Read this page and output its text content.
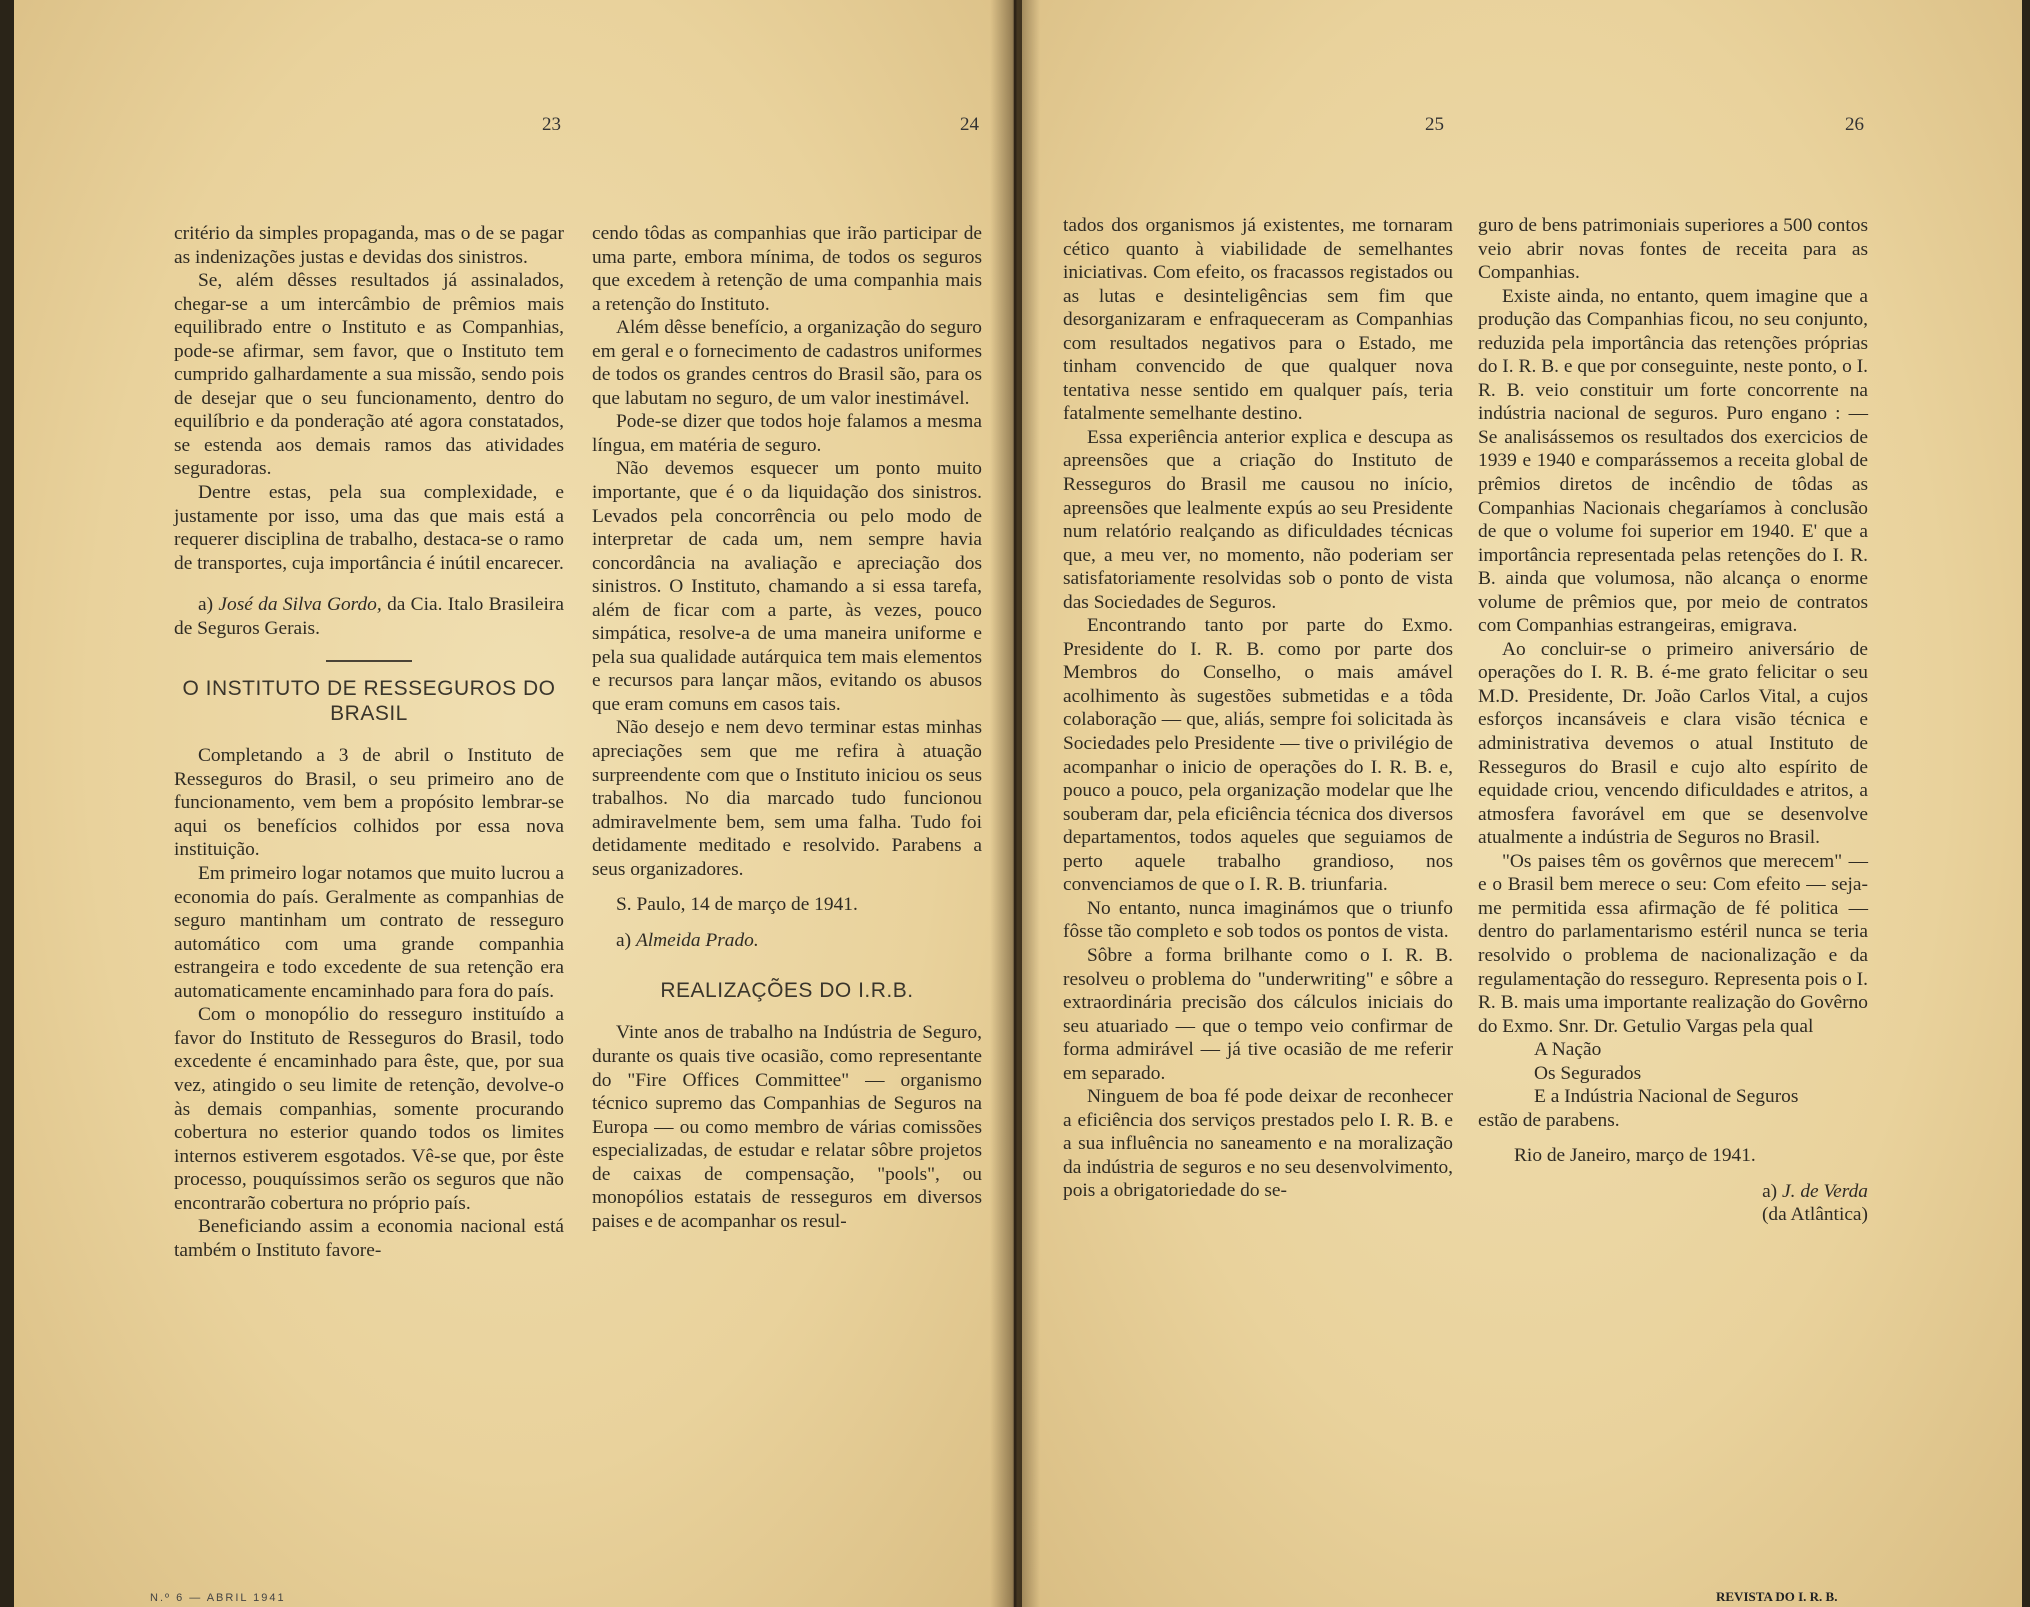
23	24	25	26

critério da simples propaganda, mas o de se pagar as indenizações justas e devidas dos sinistros.

Se, além dêsses resultados já assinalados, chegar-se a um intercâmbio de prêmios mais equilibrado entre o Instituto e as Companhias, pode-se afirmar, sem favor, que o Instituto tem cumprido galhardamente a sua missão, sendo pois de desejar que o seu funcionamento, dentro do equilíbrio e da ponderação até agora constatados, se estenda aos demais ramos das atividades seguradoras.

Dentre estas, pela sua complexidade, e justamente por isso, uma das que mais está a requerer disciplina de trabalho, destaca-se o ramo de transportes, cuja importância é inútil encarecer.

a) José da Silva Gordo, da Cia. Italo Brasileira de Seguros Gerais.

O INSTITUTO DE RESSEGUROS DO BRASIL

Completando a 3 de abril o Instituto de Resseguros do Brasil, o seu primeiro ano de funcionamento, vem bem a propósito lembrar-se aqui os benefícios colhidos por essa nova instituição.

Em primeiro logar notamos que muito lucrou a economia do país. Geralmente as companhias de seguro mantinham um contrato de resseguro automático com uma grande companhia estrangeira e todo excedente de sua retenção era automaticamente encaminhado para fora do país.

Com o monopólio do resseguro instituído a favor do Instituto de Resseguros do Brasil, todo excedente é encaminhado para êste, que, por sua vez, atingido o seu limite de retenção, devolve-o às demais companhias, somente procurando cobertura no esterior quando todos os limites internos estiverem esgotados. Vê-se que, por êste processo, pouquíssimos serão os seguros que não encontrarão cobertura no próprio país.

Beneficiando assim a economia nacional está também o Instituto favore-

cendo tôdas as companhias que irão participar de uma parte, embora mínima, de todos os seguros que excedem à retenção de uma companhia mais a retenção do Instituto.

Além dêsse benefício, a organização do seguro em geral e o fornecimento de cadastros uniformes de todos os grandes centros do Brasil são, para os que labutam no seguro, de um valor inestimável.

Pode-se dizer que todos hoje falamos a mesma língua, em matéria de seguro.

Não devemos esquecer um ponto muito importante, que é o da liquidação dos sinistros. Levados pela concorrência ou pelo modo de interpretar de cada um, nem sempre havia concordância na avaliação e apreciação dos sinistros. O Instituto, chamando a si essa tarefa, além de ficar com a parte, às vezes, pouco simpática, resolve-a de uma maneira uniforme e pela sua qualidade autárquica tem mais elementos e recursos para lançar mãos, evitando os abusos que eram comuns em casos tais.

Não desejo e nem devo terminar estas minhas apreciações sem que me refira à atuação surpreendente com que o Instituto iniciou os seus trabalhos. No dia marcado tudo funcionou admiravelmente bem, sem uma falha. Tudo foi detidamente meditado e resolvido. Parabens a seus organizadores.

S. Paulo, 14 de março de 1941.

a) Almeida Prado.

REALIZAÇÕES DO I.R.B.

Vinte anos de trabalho na Indústria de Seguro, durante os quais tive ocasião, como representante do "Fire Offices Committee" — organismo técnico supremo das Companhias de Seguros na Europa — ou como membro de várias comissões especializadas, de estudar e relatar sôbre projetos de caixas de compensação, "pools", ou monopólios estatais de resseguros em diversos paises e de acompanhar os resul-

tados dos organismos já existentes, me tornaram cético quanto à viabilidade de semelhantes iniciativas. Com efeito, os fracassos registados ou as lutas e desinteligências sem fim que desorganizaram e enfraqueceram as Companhias com resultados negativos para o Estado, me tinham convencido de que qualquer nova tentativa nesse sentido em qualquer país, teria fatalmente semelhante destino.

Essa experiência anterior explica e descupa as apreensões que a criação do Instituto de Resseguros do Brasil me causou no início, apreensões que lealmente expús ao seu Presidente num relatório realçando as dificuldades técnicas que, a meu ver, no momento, não poderiam ser satisfatoriamente resolvidas sob o ponto de vista das Sociedades de Seguros.

Encontrando tanto por parte do Exmo. Presidente do I. R. B. como por parte dos Membros do Conselho, o mais amável acolhimento às sugestões submetidas e a tôda colaboração — que, aliás, sempre foi solicitada às Sociedades pelo Presidente — tive o privilégio de acompanhar o inicio de operações do I. R. B. e, pouco a pouco, pela organização modelar que lhe souberam dar, pela eficiência técnica dos diversos departamentos, todos aqueles que seguiamos de perto aquele trabalho grandioso, nos convenciamos de que o I. R. B. triunfaria.

No entanto, nunca imaginámos que o triunfo fôsse tão completo e sob todos os pontos de vista.

Sôbre a forma brilhante como o I. R. B. resolveu o problema do "underwriting" e sôbre a extraordinária precisão dos cálculos iniciais do seu atuariado — que o tempo veio confirmar de forma admirável — já tive ocasião de me referir em separado.

Ninguem de boa fé pode deixar de reconhecer a eficiência dos serviços prestados pelo I. R. B. e a sua influência no saneamento e na moralização da indústria de seguros e no seu desenvolvimento, pois a obrigatoriedade do se-

guro de bens patrimoniais superiores a 500 contos veio abrir novas fontes de receita para as Companhias.

Existe ainda, no entanto, quem imagine que a produção das Companhias ficou, no seu conjunto, reduzida pela importância das retenções próprias do I. R. B. e que por conseguinte, neste ponto, o I. R. B. veio constituir um forte concorrente na indústria nacional de seguros. Puro engano : — Se analisássemos os resultados dos exercicios de 1939 e 1940 e comparássemos a receita global de prêmios diretos de incêndio de tôdas as Companhias Nacionais chegaríamos à conclusão de que o volume foi superior em 1940. E' que a importância representada pelas retenções do I. R. B. ainda que volumosa, não alcança o enorme volume de prêmios que, por meio de contratos com Companhias estrangeiras, emigrava.

Ao concluir-se o primeiro aniversário de operações do I. R. B. é-me grato felicitar o seu M.D. Presidente, Dr. João Carlos Vital, a cujos esforços incansáveis e clara visão técnica e administrativa devemos o atual Instituto de Resseguros do Brasil e cujo alto espírito de equidade criou, vencendo dificuldades e atritos, a atmosfera favorável em que se desenvolve atualmente a indústria de Seguros no Brasil.

"Os paises têm os govêrnos que merecem" — e o Brasil bem merece o seu: Com efeito — seja-me permitida essa afirmação de fé politica — dentro do parlamentarismo estéril nunca se teria resolvido o problema de nacionalização e da regulamentação do resseguro. Representa pois o I. R. B. mais uma importante realização do Govêrno do Exmo. Snr. Dr. Getulio Vargas pela qual

A Nação

Os Segurados

E a Indústria Nacional de Seguros

estão de parabens.

Rio de Janeiro, março de 1941.

a) J. de Verda

(da Atlântica)

N.º 6 — ABRIL 1941	REVISTA DO I. R. B.
